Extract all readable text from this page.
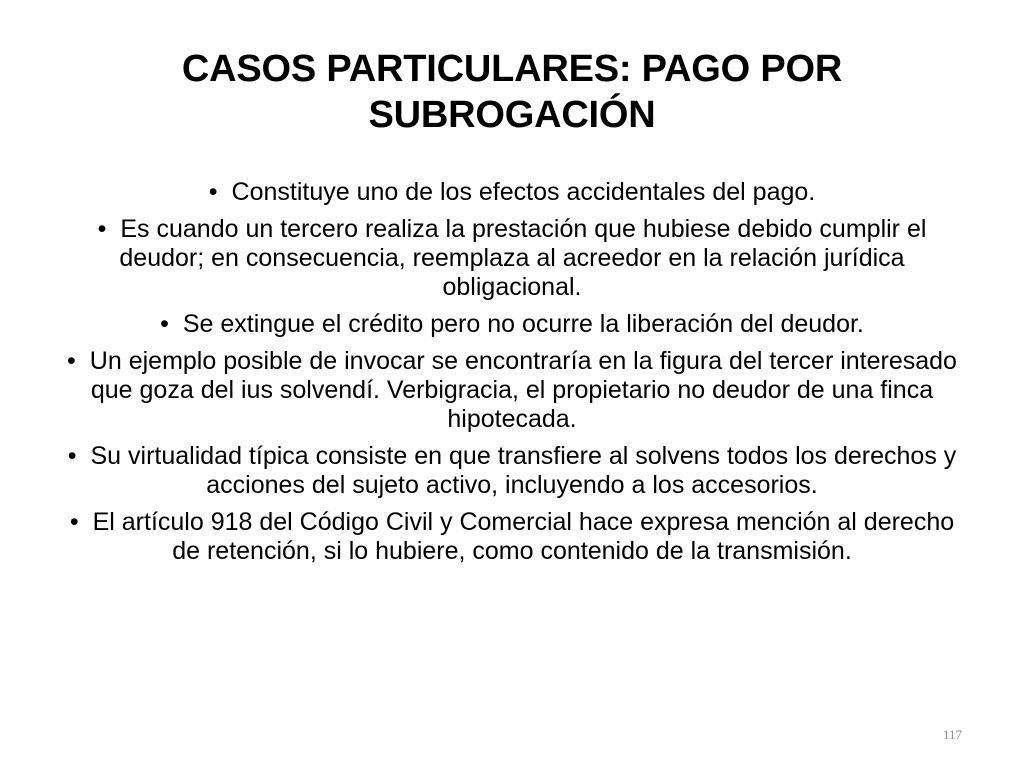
CASOS PARTICULARES: PAGO POR SUBROGACIÓN
• Constituye uno de los efectos accidentales del pago.
• Es cuando un tercero realiza la prestación que hubiese debido cumplir el deudor; en consecuencia, reemplaza al acreedor en la relación jurídica obligacional.
• Se extingue el crédito pero no ocurre la liberación del deudor.
• Un ejemplo posible de invocar se encontraría en la figura del tercer interesado que goza del ius solvendí. Verbigracia, el propietario no deudor de una finca hipotecada.
• Su virtualidad típica consiste en que transfiere al solvens todos los derechos y acciones del sujeto activo, incluyendo a los accesorios.
• El artículo 918 del Código Civil y Comercial hace expresa mención al derecho de retención, si lo hubiere, como contenido de la transmisión.
117
